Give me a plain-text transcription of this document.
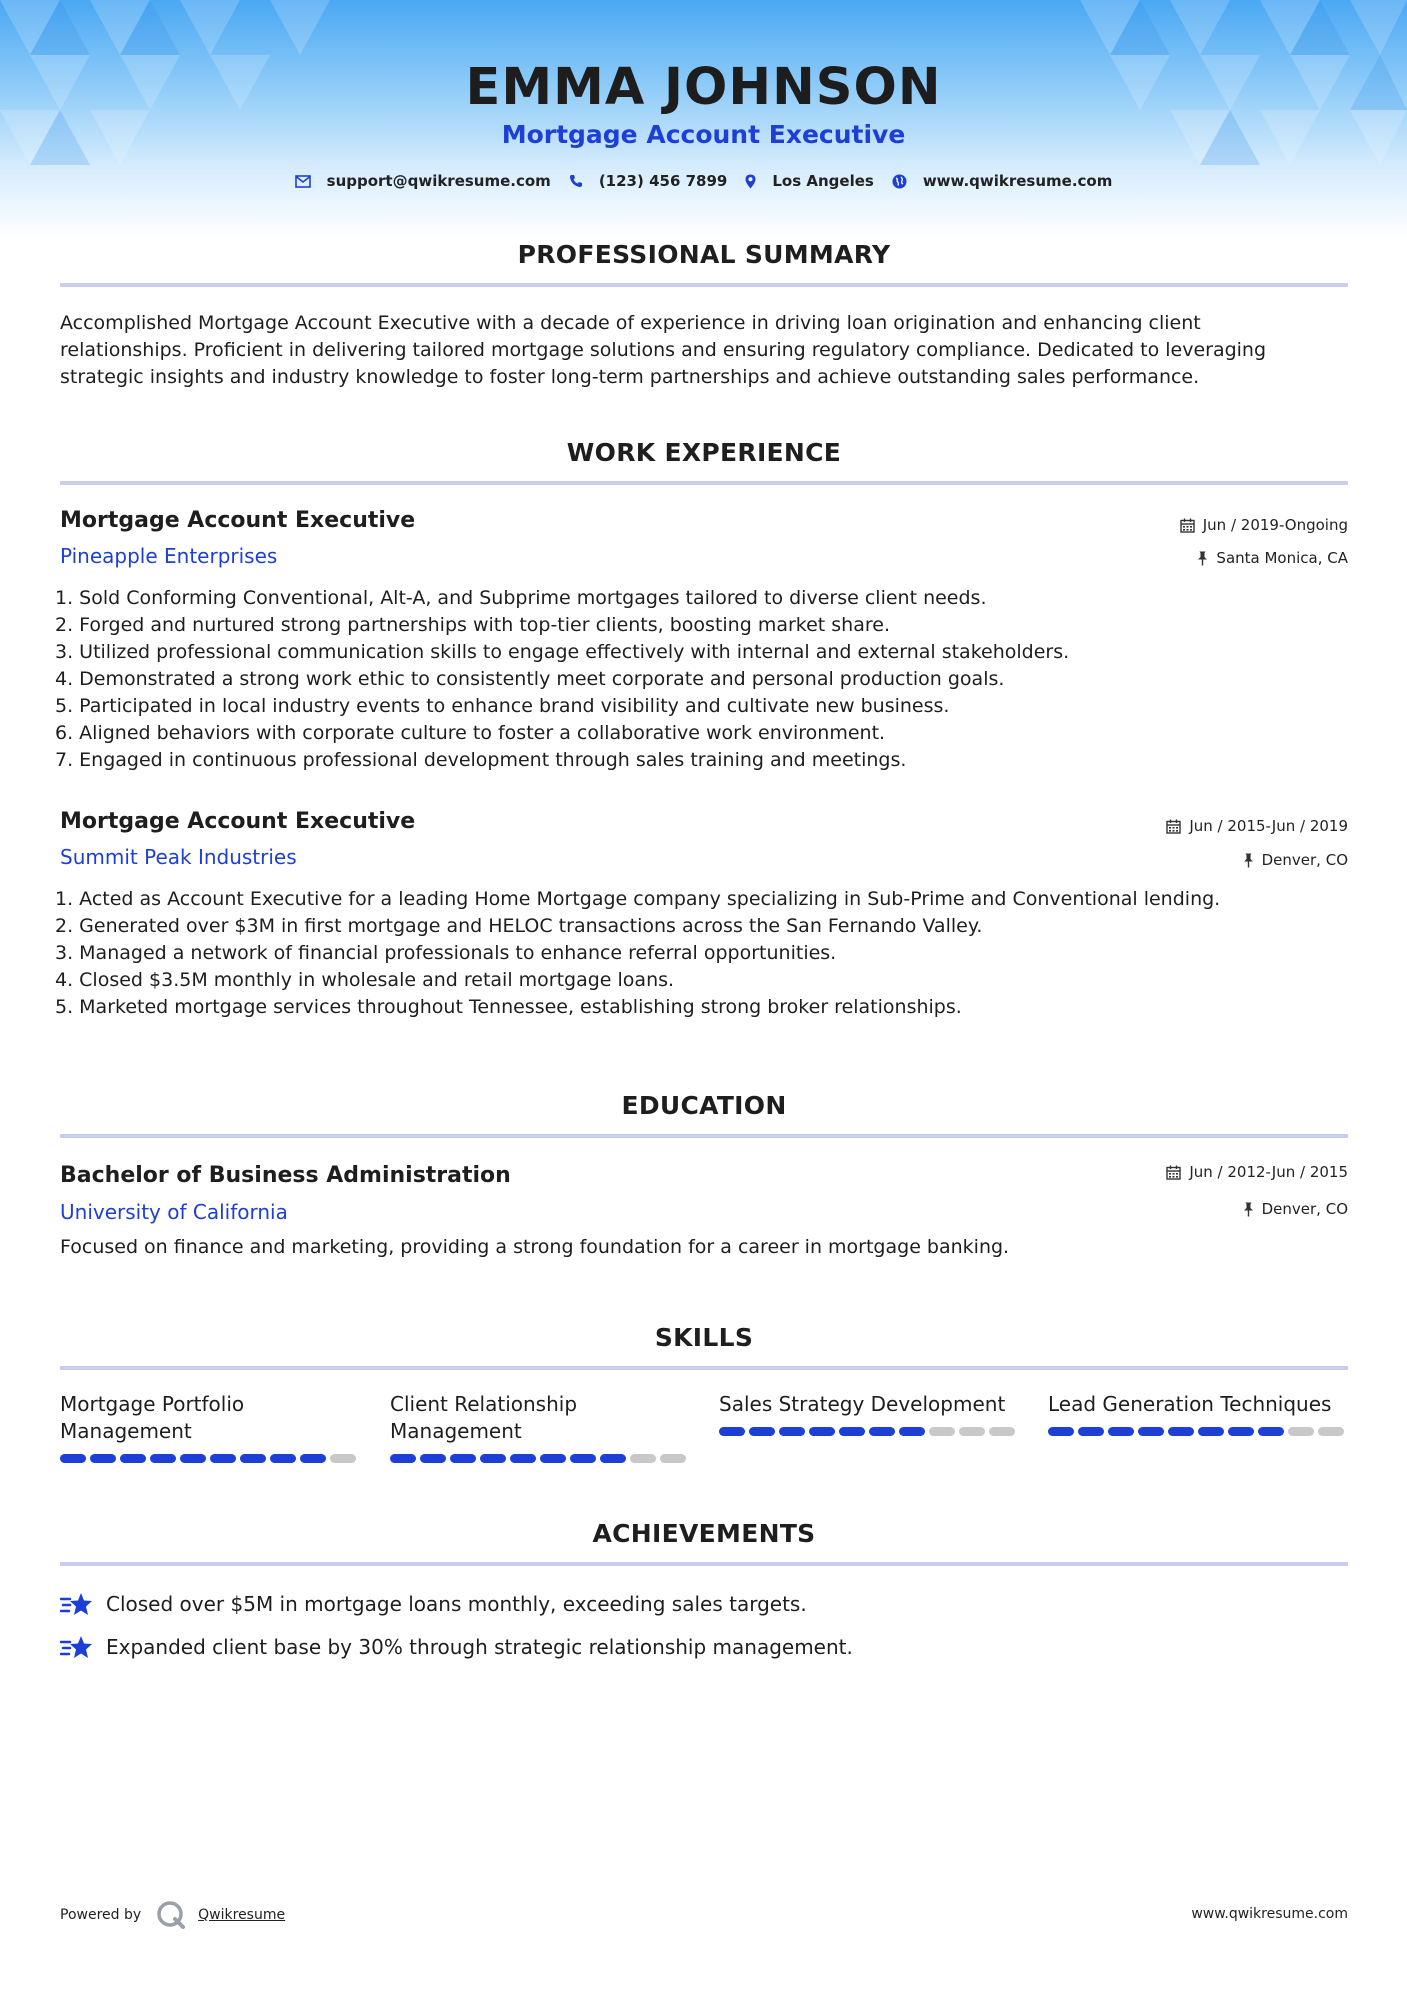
EMMA JOHNSON
Mortgage Account Executive
support@qwikresume.com	(123) 456 7899	Los Angeles	www.qwikresume.com
PROFESSIONAL SUMMARY
Accomplished Mortgage Account Executive with a decade of experience in driving loan origination and enhancing client
relationships. Proficient in delivering tailored mortgage solutions and ensuring regulatory compliance. Dedicated to leveraging
strategic insights and industry knowledge to foster long-term partnerships and achieve outstanding sales performance.
WORK EXPERIENCE
Mortgage Account Executive
Pineapple Enterprises
Jun / 2019-Ongoing
Santa Monica, CA
1. Sold Conforming Conventional, Alt-A, and Subprime mortgages tailored to diverse client needs.
2. Forged and nurtured strong partnerships with top-tier clients, boosting market share.
3. Utilized professional communication skills to engage effectively with internal and external stakeholders.
4. Demonstrated a strong work ethic to consistently meet corporate and personal production goals.
5. Participated in local industry events to enhance brand visibility and cultivate new business.
6. Aligned behaviors with corporate culture to foster a collaborative work environment.
7. Engaged in continuous professional development through sales training and meetings.
Mortgage Account Executive
Summit Peak Industries
Jun / 2015-Jun / 2019
Denver, CO
1. Acted as Account Executive for a leading Home Mortgage company specializing in Sub-Prime and Conventional lending.
2. Generated over $3M in first mortgage and HELOC transactions across the San Fernando Valley.
3. Managed a network of financial professionals to enhance referral opportunities.
4. Closed $3.5M monthly in wholesale and retail mortgage loans.
5. Marketed mortgage services throughout Tennessee, establishing strong broker relationships.
EDUCATION
Bachelor of Business Administration
University of California
Jun / 2012-Jun / 2015
Denver, CO
Focused on finance and marketing, providing a strong foundation for a career in mortgage banking.
SKILLS
Mortgage Portfolio
Management
Client Relationship
Management
Sales Strategy Development	Lead Generation Techniques
ACHIEVEMENTS
Closed over $5M in mortgage loans monthly, exceeding sales targets.
Expanded client base by 30% through strategic relationship management.
Powered by	Qwikresume	www.qwikresume.com
